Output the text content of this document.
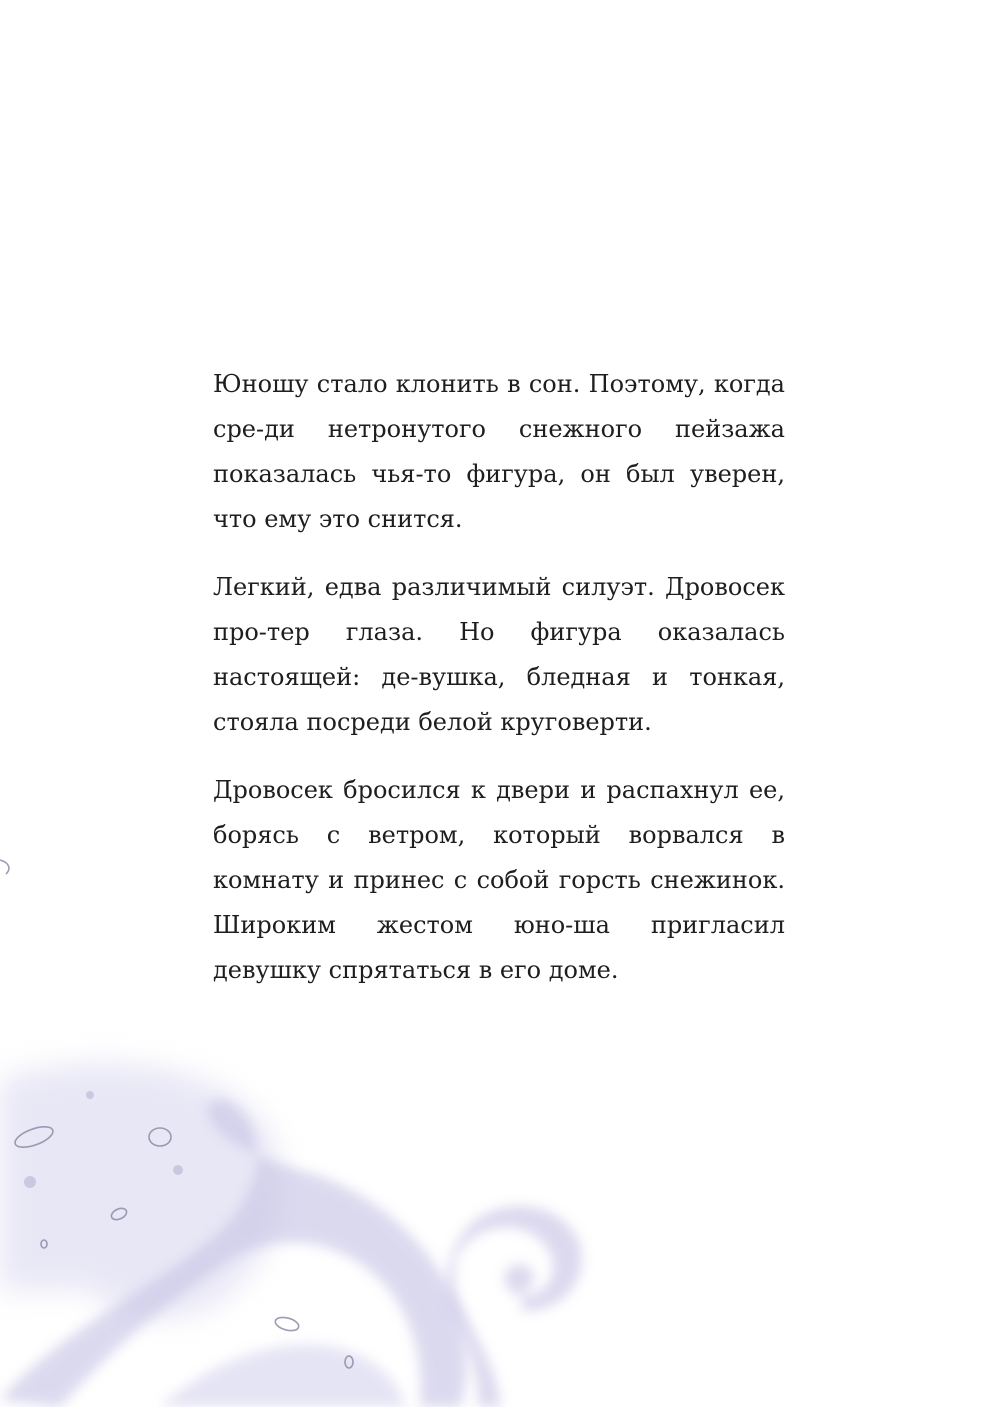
Юношу стало клонить в сон. Поэтому, когда сре-ди нетронутого снежного пейзажа показалась чья-то фигура, он был уверен, что ему это снится.

Легкий, едва различимый силуэт. Дровосек про-тер глаза. Но фигура оказалась настоящей: де-вушка, бледная и тонкая, стояла посреди белой круговерти.

Дровосек бросился к двери и распахнул ее, борясь с ветром, который ворвался в комнату и принес с собой горсть снежинок. Широким жестом юно-ша пригласил девушку спрятаться в его доме.
